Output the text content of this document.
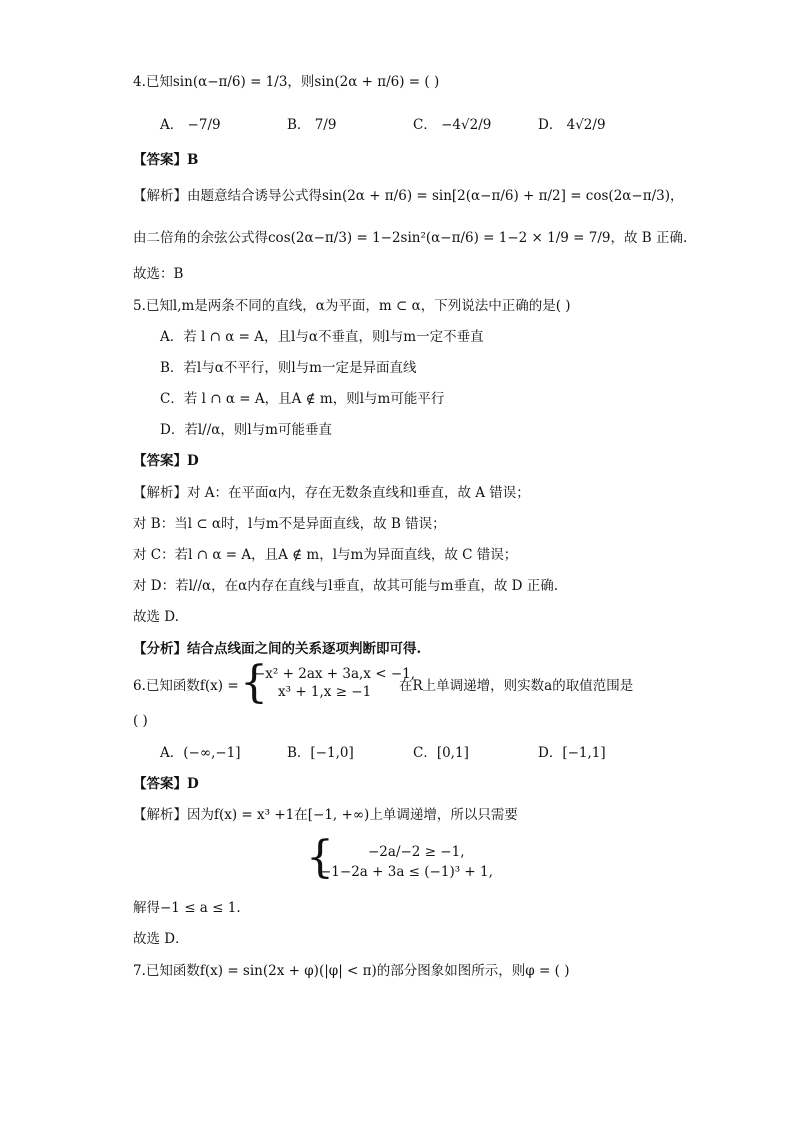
4.已知sin(α−π/6) = 1/3，则sin(2α + π/6) = ( )
A． −7/9	B． 7/9	C． −4√2/9	D． 4√2/9
【答案】B
【解析】由题意结合诱导公式得sin(2α + π/6) = sin[2(α−π/6) + π/2] = cos(2α−π/3)，
由二倍角的余弦公式得cos(2α−π/3) = 1−2sin²(α−π/6) = 1−2 × 1/9 = 7/9，故 B 正确.
故选：B
5.已知l,m是两条不同的直线，α为平面，m ⊂ α，下列说法中正确的是( )
A．若 l ∩ α = A，且l与α不垂直，则l与m一定不垂直
B．若l与α不平行，则l与m一定是异面直线
C．若 l ∩ α = A，且A ∉ m，则l与m可能平行
D．若l//α，则l与m可能垂直
【答案】D
【解析】对 A：在平面α内，存在无数条直线和l垂直，故 A 错误；
对 B：当l ⊂ α时，l与m不是异面直线，故 B 错误；
对 C：若l ∩ α = A，且A ∉ m，l与m为异面直线，故 C 错误；
对 D：若l//α，在α内存在直线与l垂直，故其可能与m垂直，故 D 正确.
故选 D.
【分析】结合点线面之间的关系逐项判断即可得.
6.已知函数f(x) = {
−x² + 2ax + 3a,x < −1,
x³ + 1,x ≥ −1 在R上单调递增，则实数a的取值范围是
( )
A．(−∞,−1]	B．[−1,0]	C．[0,1]	D．[−1,1]
【答案】D
【解析】因为f(x) = x³ +1在[−1, +∞)上单调递增，所以只需要
{	−2a/−2 ≥ −1,
−1−2a + 3a ≤ (−1)³ + 1,
解得−1 ≤ a ≤ 1.
故选 D．
7.已知函数f(x) = sin(2x + φ)(|φ| < π)的部分图象如图所示，则φ = ( )
